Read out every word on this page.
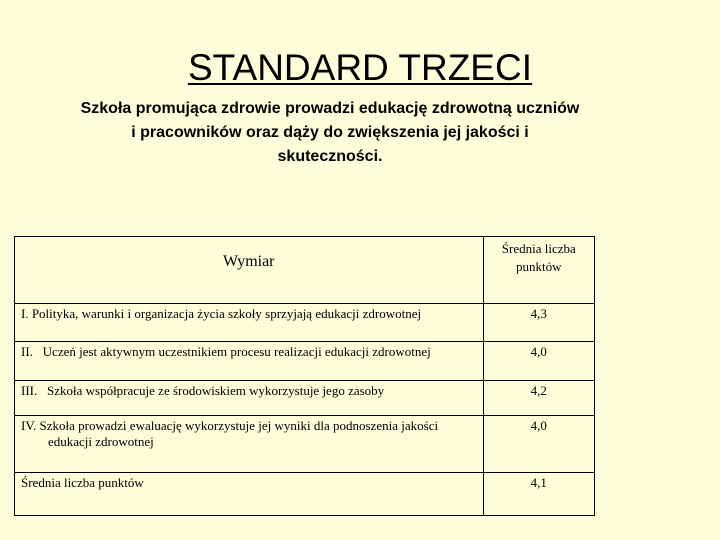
STANDARD TRZECI
Szkoła promująca zdrowie prowadzi edukację zdrowotną uczniów i pracowników oraz dąży do zwiększenia jej jakości i skuteczności.
Wymiar	Średnia liczba punktów
I. Polityka, warunki i organizacja życia szkoły sprzyjają edukacji zdrowotnej	4,3
II.   Uczeń jest aktywnym uczestnikiem procesu realizacji edukacji zdrowotnej	4,0
III.   Szkoła współpracuje ze środowiskiem wykorzystuje jego zasoby	4,2

IV. Szkoła prowadzi ewaluację wykorzystuje jej wyniki dla podnoszenia jakości edukacji zdrowotnej	4,0
Średnia liczba punktów	4,1
